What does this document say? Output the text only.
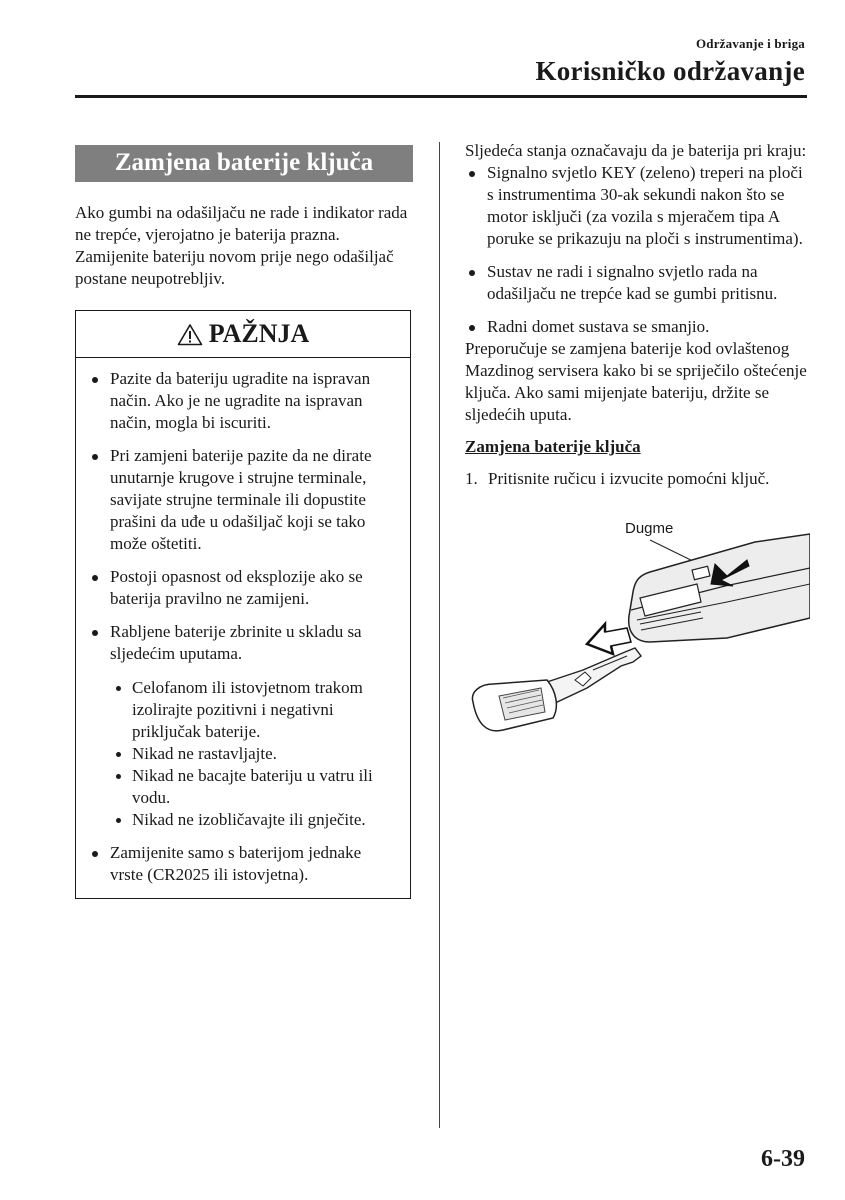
Održavanje i briga
Korisničko održavanje
Zamjena baterije ključa

Ako gumbi na odašiljaču ne rade i indikator rada ne trepće, vjerojatno je baterija prazna. Zamijenite bateriju novom prije nego odašiljač postane neupotrebljiv.

PAŽNJA
Pazite da bateriju ugradite na ispravan način. Ako je ne ugradite na ispravan način, mogla bi iscuriti.
Pri zamjeni baterije pazite da ne dirate unutarnje krugove i strujne terminale, savijate strujne terminale ili dopustite prašini da uđe u odašiljač koji se tako može oštetiti.
Postoji opasnost od eksplozije ako se baterija pravilno ne zamijeni.
Rabljene baterije zbrinite u skladu sa sljedećim uputama.
Celofanom ili istovjetnom trakom izolirajte pozitivni i negativni priključak baterije.
Nikad ne rastavljajte.
Nikad ne bacajte bateriju u vatru ili vodu.
Nikad ne izobličavajte ili gnječite.
Zamijenite samo s baterijom jednake vrste (CR2025 ili istovjetna).

Sljedeća stanja označavaju da je baterija pri kraju:

Signalno svjetlo KEY (zeleno) treperi na ploči s instrumentima 30-ak sekundi nakon što se motor isključi (za vozila s mjeračem tipa A poruke se prikazuju na ploči s instrumentima).
Sustav ne radi i signalno svjetlo rada na odašiljaču ne trepće kad se gumbi pritisnu.
Radni domet sustava se smanjio.

Preporučuje se zamjena baterije kod ovlaštenog Mazdinog servisera kako bi se spriječilo oštećenje ključa. Ako sami mijenjate bateriju, držite se sljedećih uputa.

Zamjena baterije ključa
1. Pritisnite ručicu i izvucite pomoćni ključ.
Dugme
6-39
